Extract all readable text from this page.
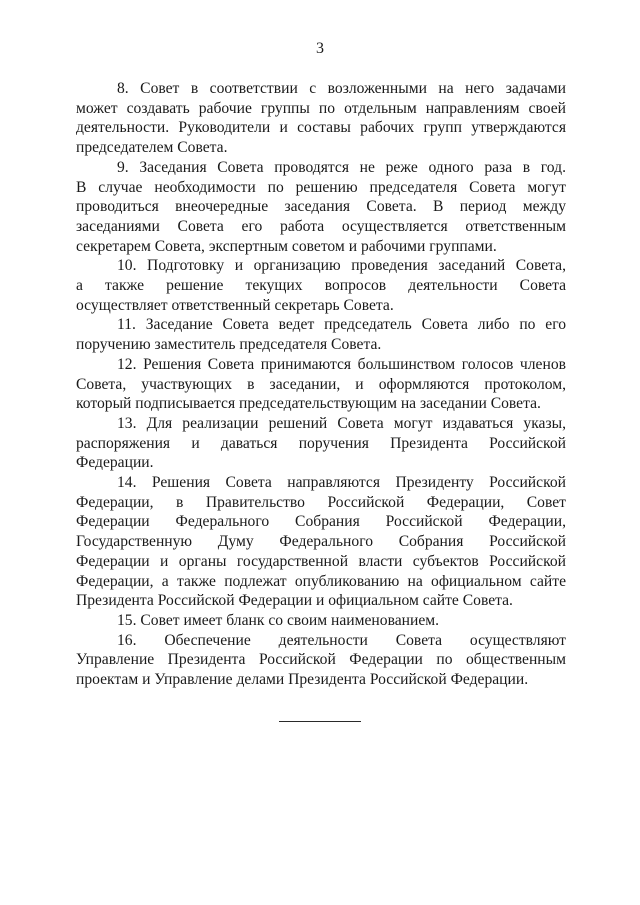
3

8. Совет в соответствии с возложенными на него задачами
может создавать рабочие группы по отдельным направлениям своей
деятельности. Руководители и составы рабочих групп утверждаются
председателем Совета.

9. Заседания Совета проводятся не реже одного раза в год.
В случае необходимости по решению председателя Совета могут
проводиться внеочередные заседания Совета. В период между
заседаниями Совета его работа осуществляется ответственным
секретарем Совета, экспертным советом и рабочими группами.

10. Подготовку и организацию проведения заседаний Совета,
а также решение текущих вопросов деятельности Совета
осуществляет ответственный секретарь Совета.

11. Заседание Совета ведет председатель Совета либо по его
поручению заместитель председателя Совета.

12. Решения Совета принимаются большинством голосов членов
Совета, участвующих в заседании, и оформляются протоколом,
который подписывается председательствующим на заседании Совета.

13. Для реализации решений Совета могут издаваться указы,
распоряжения и даваться поручения Президента Российской
Федерации.

14. Решения Совета направляются Президенту Российской
Федерации, в Правительство Российской Федерации, Совет
Федерации Федерального Собрания Российской Федерации,
Государственную Думу Федерального Собрания Российской
Федерации и органы государственной власти субъектов Российской
Федерации, а также подлежат опубликованию на официальном сайте
Президента Российской Федерации и официальном сайте Совета.

15. Совет имеет бланк со своим наименованием.

16. Обеспечение деятельности Совета осуществляют
Управление Президента Российской Федерации по общественным
проектам и Управление делами Президента Российской Федерации.
